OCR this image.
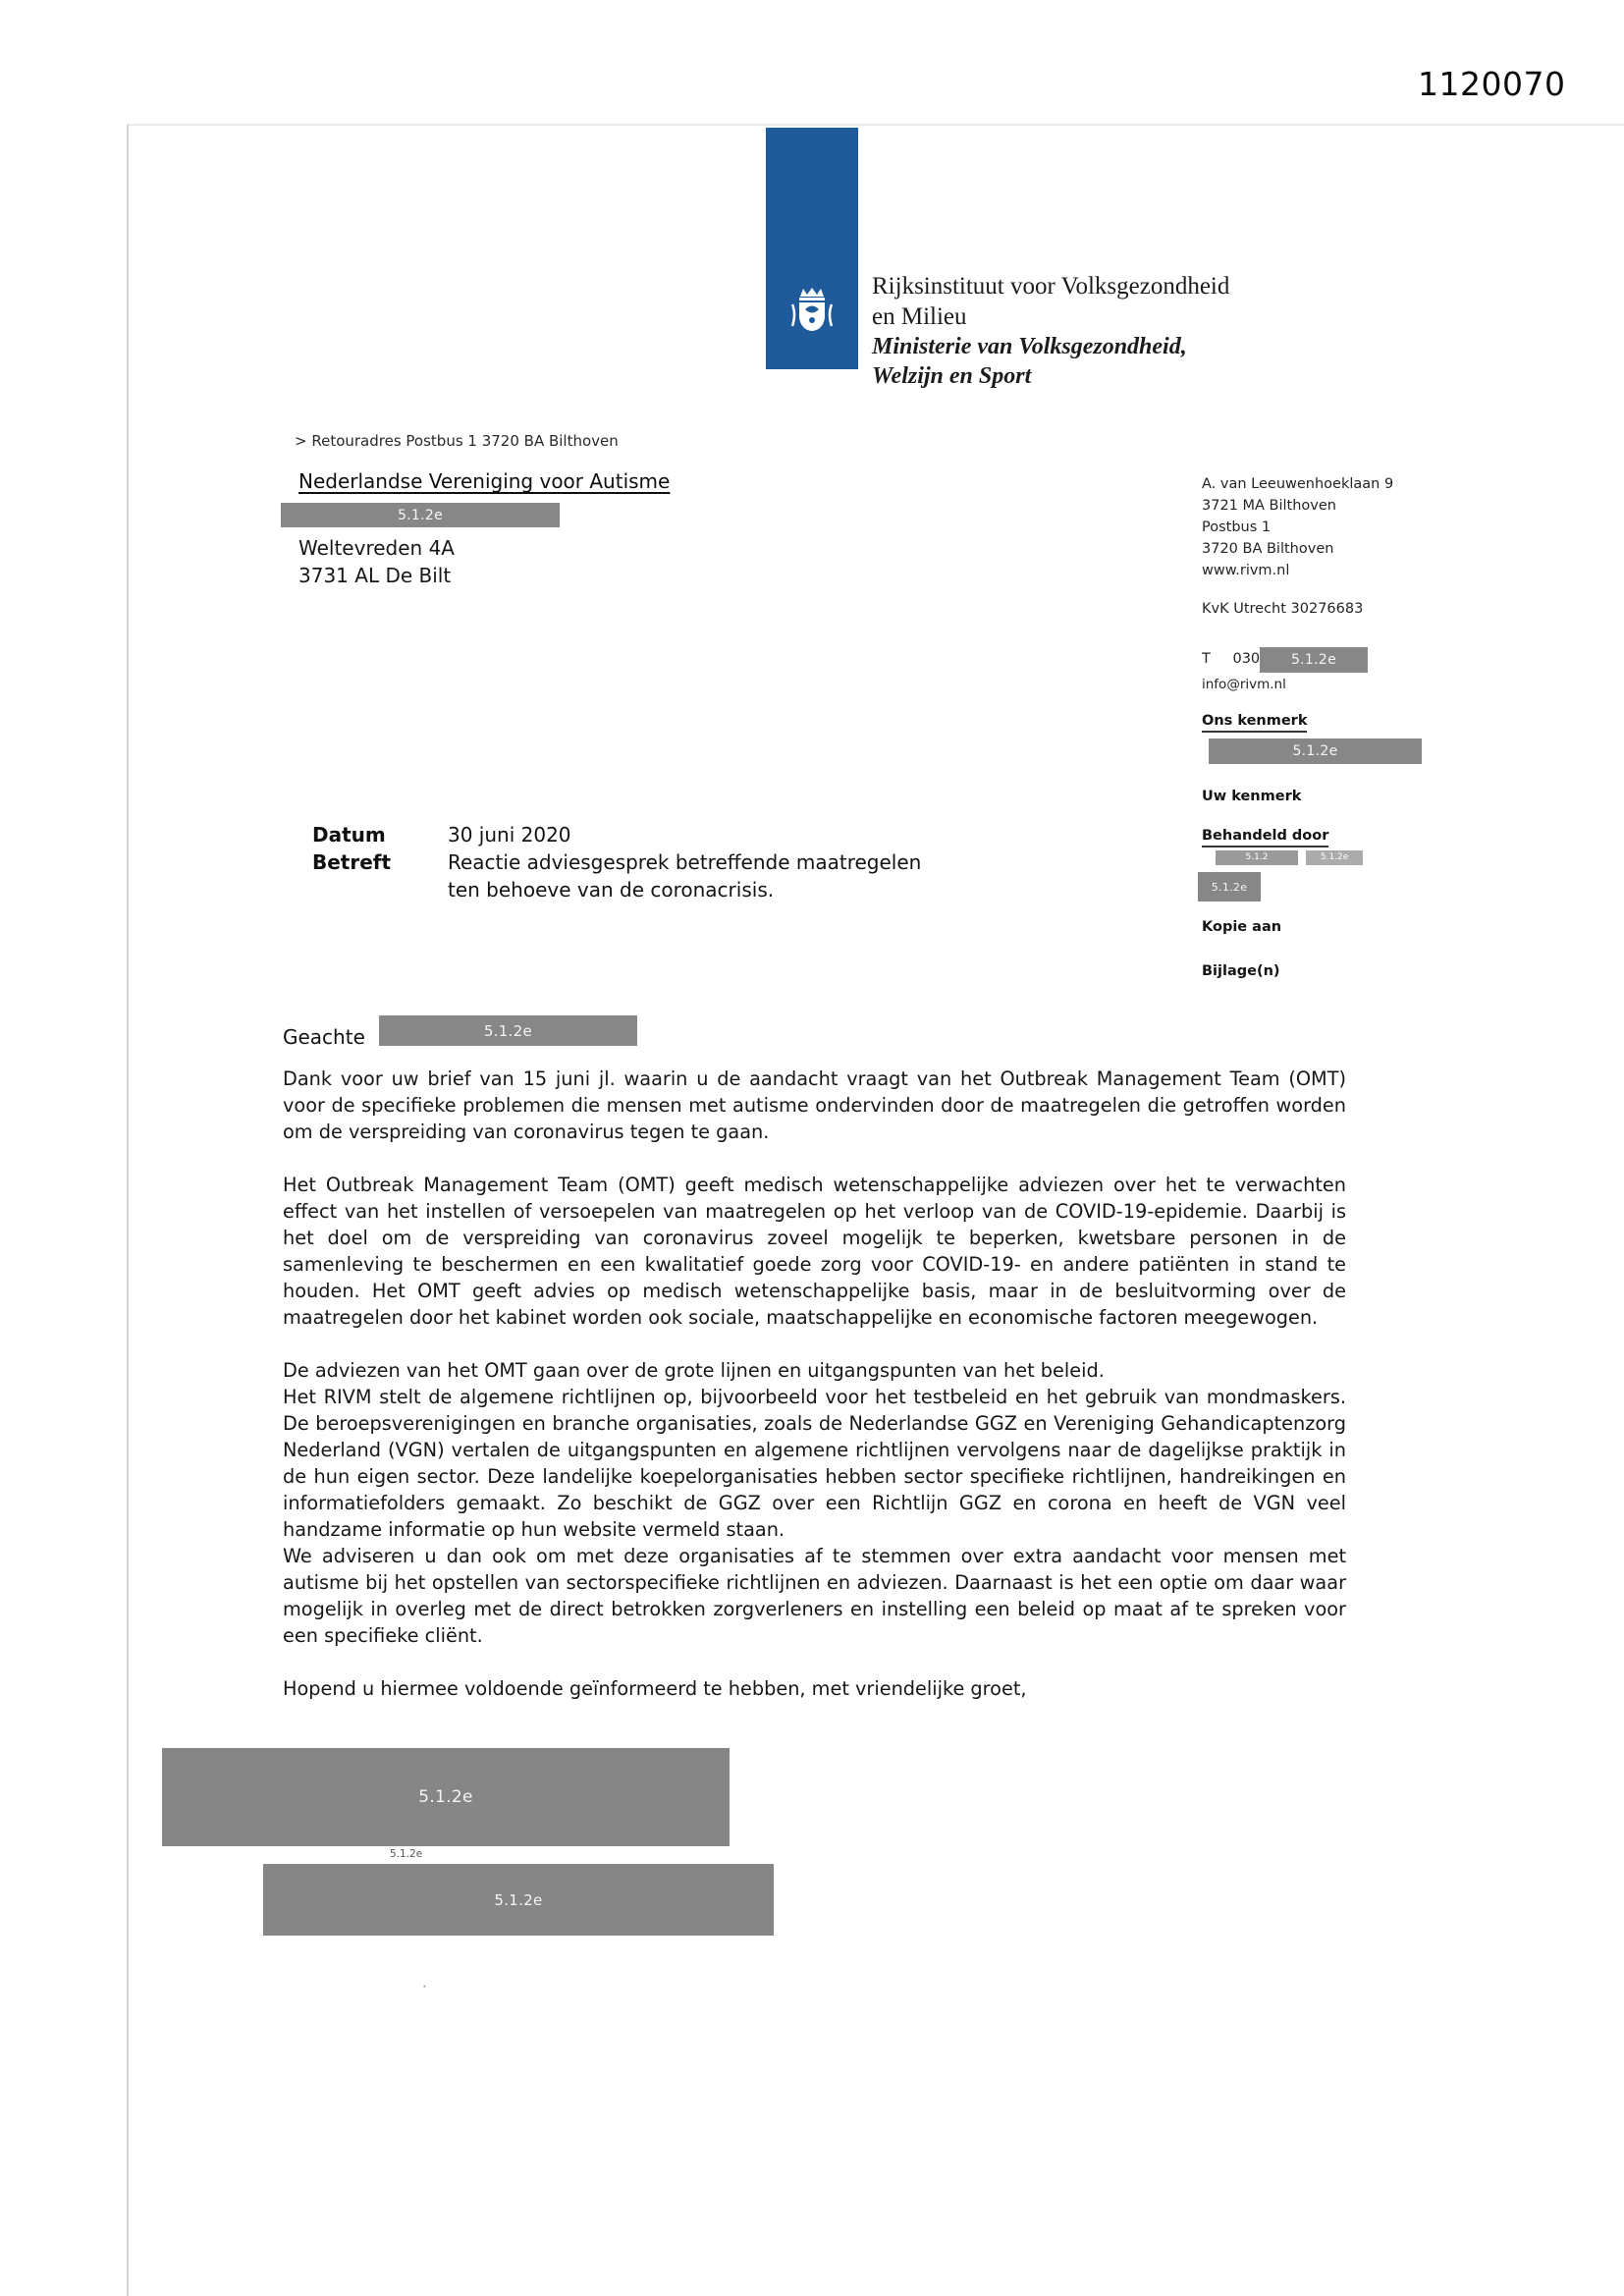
1120070
Rijksinstituut voor Volksgezondheid
en Milieu
Ministerie van Volksgezondheid,
Welzijn en Sport
> Retouradres Postbus 1 3720 BA Bilthoven
Nederlandse Vereniging voor Autisme
5.1.2e
Weltevreden 4A
3731 AL De Bilt
A. van Leeuwenhoeklaan 9
3721 MA Bilthoven
Postbus 1
3720 BA Bilthoven
www.rivm.nl
KvK Utrecht 30276683
T 030	5.1.2e
info@rivm.nl
Ons kenmerk
5.1.2e
Uw kenmerk
Behandeld door
5.1.2	5.1.2e
5.1.2e
Kopie aan
Bijlage(n)
Datum	30 juni 2020
Betreft	Reactie adviesgesprek betreffende maatregelen
ten behoeve van de coronacrisis.
Geachte	5.1.2e

Dank voor uw brief van 15 juni jl. waarin u de aandacht vraagt van het Outbreak Management Team (OMT) voor de specifieke problemen die mensen met autisme ondervinden door de maatregelen die getroffen worden om de verspreiding van coronavirus tegen te gaan.

Het Outbreak Management Team (OMT) geeft medisch wetenschappelijke adviezen over het te verwachten effect van het instellen of versoepelen van maatregelen op het verloop van de COVID-19-epidemie. Daarbij is het doel om de verspreiding van coronavirus zoveel mogelijk te beperken, kwetsbare personen in de samenleving te beschermen en een kwalitatief goede zorg voor COVID-19- en andere patiënten in stand te houden. Het OMT geeft advies op medisch wetenschappelijke basis, maar in de besluitvorming over de maatregelen door het kabinet worden ook sociale, maatschappelijke en economische factoren meegewogen.

De adviezen van het OMT gaan over de grote lijnen en uitgangspunten van het beleid.
Het RIVM stelt de algemene richtlijnen op, bijvoorbeeld voor het testbeleid en het gebruik van mondmaskers. De beroepsverenigingen en branche organisaties, zoals de Nederlandse GGZ en Vereniging Gehandicaptenzorg Nederland (VGN) vertalen de uitgangspunten en algemene richtlijnen vervolgens naar de dagelijkse praktijk in de hun eigen sector. Deze landelijke koepelorganisaties hebben sector specifieke richtlijnen, handreikingen en informatiefolders gemaakt. Zo beschikt de GGZ over een Richtlijn GGZ en corona en heeft de VGN veel handzame informatie op hun website vermeld staan.
We adviseren u dan ook om met deze organisaties af te stemmen over extra aandacht voor mensen met autisme bij het opstellen van sectorspecifieke richtlijnen en adviezen. Daarnaast is het een optie om daar waar mogelijk in overleg met de direct betrokken zorgverleners en instelling een beleid op maat af te spreken voor een specifieke cliënt.

Hopend u hiermee voldoende geïnformeerd te hebben, met vriendelijke groet,

5.1.2e
5.1.2e
5.1.2e
·
